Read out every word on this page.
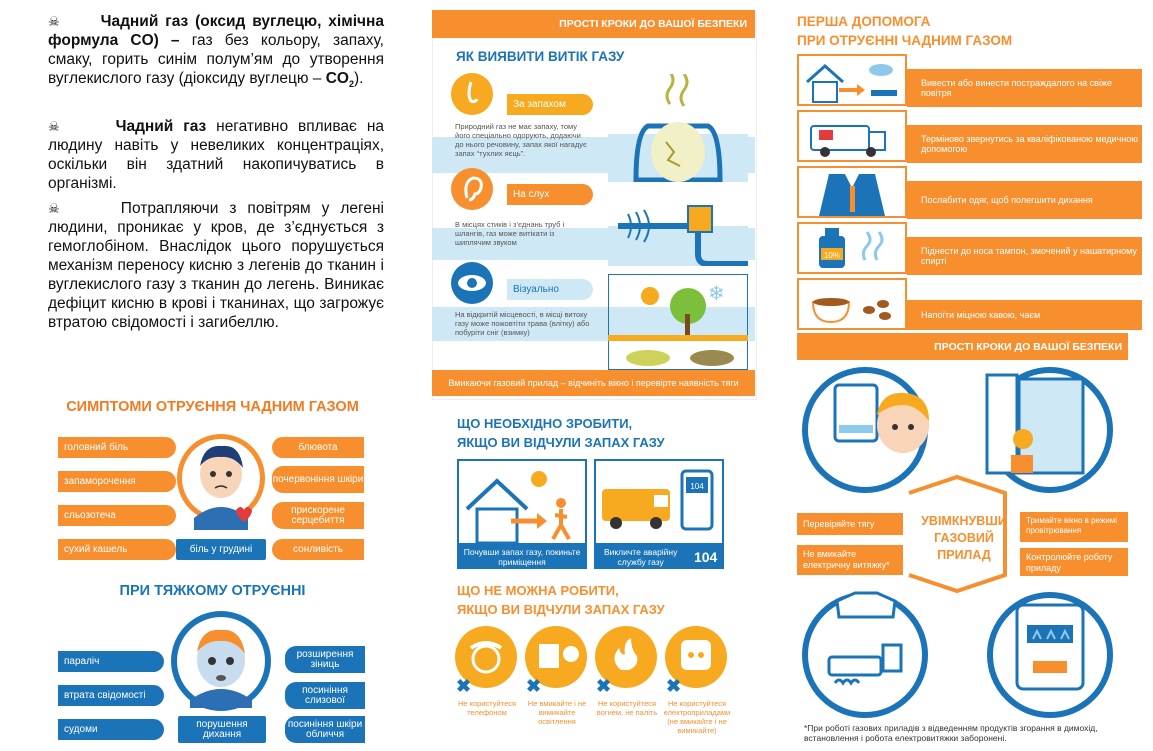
☠	Чадний газ (оксид вуглецю, хімічна формула CO) – газ без кольору, запаху, смаку, горить синім полум’ям до утворення вуглекислого газу (діоксиду вуглецю – $CO_2$).
☠	Чадний газ негативно впливає на людину навіть у невеликих концентраціях, оскільки він здатний накопичуватись в організмі.
☠	Потрапляючи з повітрям у легені людини, проникає у кров, де з’єднується з гемоглобіном. Внаслідок цього порушується механізм переносу кисню з легенів до тканин і вуглекислого газу з тканин до легень. Виникає дефіцит кисню в крові і тканинах, що загрожує втратою свідомості і загибеллю.
СИМПТОМИ ОТРУЄННЯ ЧАДНИМ ГАЗОМ
головний біль
запаморочення
сльозотеча
сухий кашель
блювота
почервоніння шкіри
прискорене серцебиття
сонливість
біль у грудині
ПРИ ТЯЖКОМУ ОТРУЄННІ
параліч
втрата свідомості
судоми
розширення зіниць
посиніння слизової
посиніння шкіри обличчя
порушення дихання
ПРОСТІ КРОКИ ДО ВАШОЇ БЕЗПЕКИ
ЯК ВИЯВИТИ ВИТІК ГАЗУ
За запахом
Природний газ не має запаху, тому його спеціально одорують, додаючи до нього речовину, запах якої нагадує запах “тухлих яєць”.
На слух
В місцях стиків і з’єднань труб і шлангів, газ може витікати із шиплячим звуком
Візуально
На відкритій місцевості, в місці витоку газу може пожовтіти трава (влітку) або побуріти сніг (взимку)
❄
Вмикаючи газовий прилад – відчиніть вікно і перевірте наявність тяги
ЩО НЕОБХІДНО ЗРОБИТИ,
ЯКЩО ВИ ВІДЧУЛИ ЗАПАХ ГАЗУ
Почувши запах газу, покиньте приміщення
104
Викличте аварійну службу газу	104
ЩО НЕ МОЖНА РОБИТИ,
ЯКЩО ВИ ВІДЧУЛИ ЗАПАХ ГАЗУ
✖	✖	✖	✖
Не користуйтеся телефоном
Не вмикайте і не вимикайте освітлення
Не користуйтеся вогнем, не паліть
Не користуйтеся електроприладами (не вмикайте і не вимикайте)
ПЕРША ДОПОМОГА
ПРИ ОТРУЄННІ ЧАДНИМ ГАЗОМ
Вивести або винести постраждалого на свіже повітря
Терміново звернутись за кваліфікованою медичною допомогою
Послабити одяг, щоб полегшити дихання
10%	Піднести до носа тампон, змочений у нашатирному спирті
Напоїти міцною кавою, чаєм
ПРОСТІ КРОКИ ДО ВАШОЇ БЕЗПЕКИ
Перевіряйте тягу
Не вмикайте електричну витяжку*
Тримайте вікно в режимі провітрювання
Контролюйте роботу приладу
УВІМКНУВШИ
ГАЗОВИЙ
ПРИЛАД
*При роботі газових приладів з відведенням продуктів згорання в димохід, встановлення і робота електровитяжки заборонені.
